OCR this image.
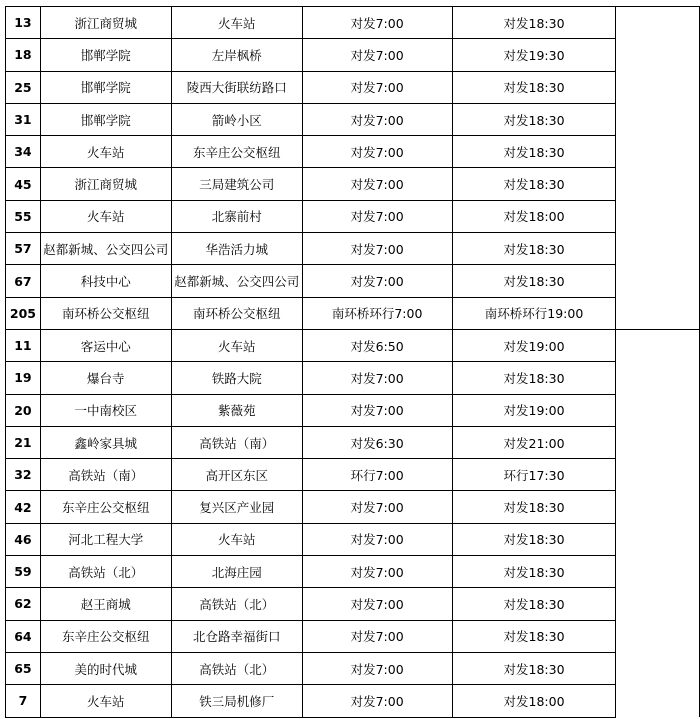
13	浙江商贸城	火车站	对发7:00	对发18:30	
18	邯郸学院	左岸枫桥	对发7:00	对发19:30	
25	邯郸学院	陵西大街联纺路口	对发7:00	对发18:30	
31	邯郸学院	箭岭小区	对发7:00	对发18:30	
34	火车站	东辛庄公交枢纽	对发7:00	对发18:30	
45	浙江商贸城	三局建筑公司	对发7:00	对发18:30	
55	火车站	北寨前村	对发7:00	对发18:00	
57	赵都新城、公交四公司	华浩活力城	对发7:00	对发18:30	
67	科技中心	赵都新城、公交四公司	对发7:00	对发18:30	
205	南环桥公交枢纽	南环桥公交枢纽	南环桥环行7:00	南环桥环行19:00	
11	客运中心	火车站	对发6:50	对发19:00	
19	爆台寺	铁路大院	对发7:00	对发18:30	
20	一中南校区	紫薇苑	对发7:00	对发19:00	
21	鑫岭家具城	高铁站（南）	对发6:30	对发21:00	
32	高铁站（南）	高开区东区	环行7:00	环行17:30	
42	东辛庄公交枢纽	复兴区产业园	对发7:00	对发18:30	
46	河北工程大学	火车站	对发7:00	对发18:30	
59	高铁站（北）	北海庄园	对发7:00	对发18:30	
62	赵王商城	高铁站（北）	对发7:00	对发18:30	
64	东辛庄公交枢纽	北仓路幸福街口	对发7:00	对发18:30	
65	美的时代城	高铁站（北）	对发7:00	对发18:30	
7	火车站	铁三局机修厂	对发7:00	对发18:00	
